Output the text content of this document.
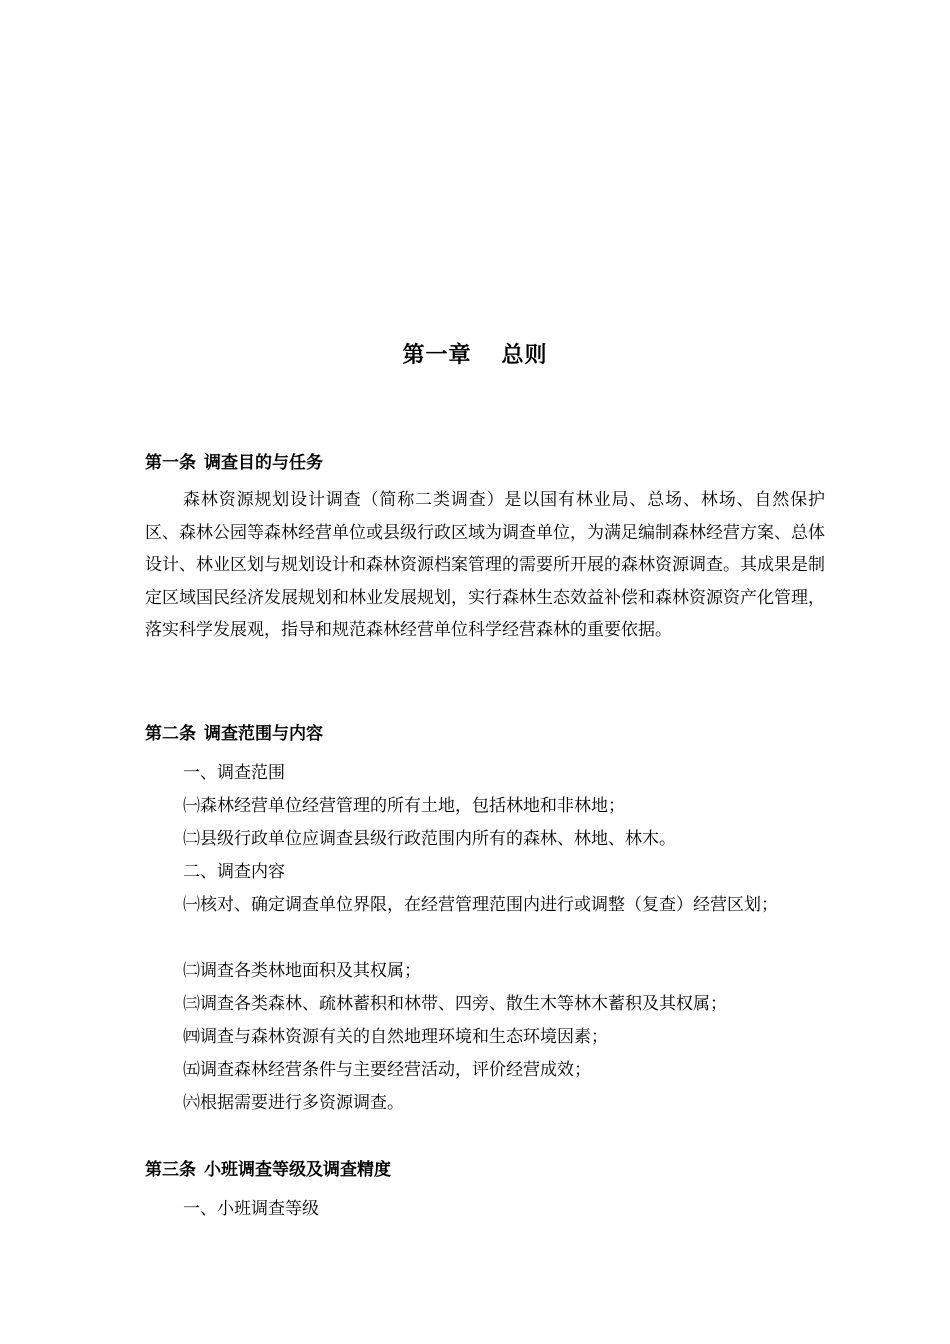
第一章 总则
第一条 调查目的与任务

森林资源规划设计调查（简称二类调查）是以国有林业局、总场、林场、自然保护区、森林公园等森林经营单位或县级行政区域为调查单位，为满足编制森林经营方案、总体设计、林业区划与规划设计和森林资源档案管理的需要所开展的森林资源调查。其成果是制定区域国民经济发展规划和林业发展规划，实行森林生态效益补偿和森林资源资产化管理，落实科学发展观，指导和规范森林经营单位科学经营森林的重要依据。

第二条 调查范围与内容
一、调查范围
㈠森林经营单位经营管理的所有土地，包括林地和非林地；
㈡县级行政单位应调查县级行政范围内所有的森林、林地、林木。
二、调查内容

㈠核对、确定调查单位界限，在经营管理范围内进行或调整（复查）经营区划；

㈡调查各类林地面积及其权属；
㈢调查各类森林、疏林蓄积和林带、四旁、散生木等林木蓄积及其权属；
㈣调查与森林资源有关的自然地理环境和生态环境因素；
㈤调查森林经营条件与主要经营活动，评价经营成效；
㈥根据需要进行多资源调查。
第三条 小班调查等级及调查精度
一、小班调查等级
